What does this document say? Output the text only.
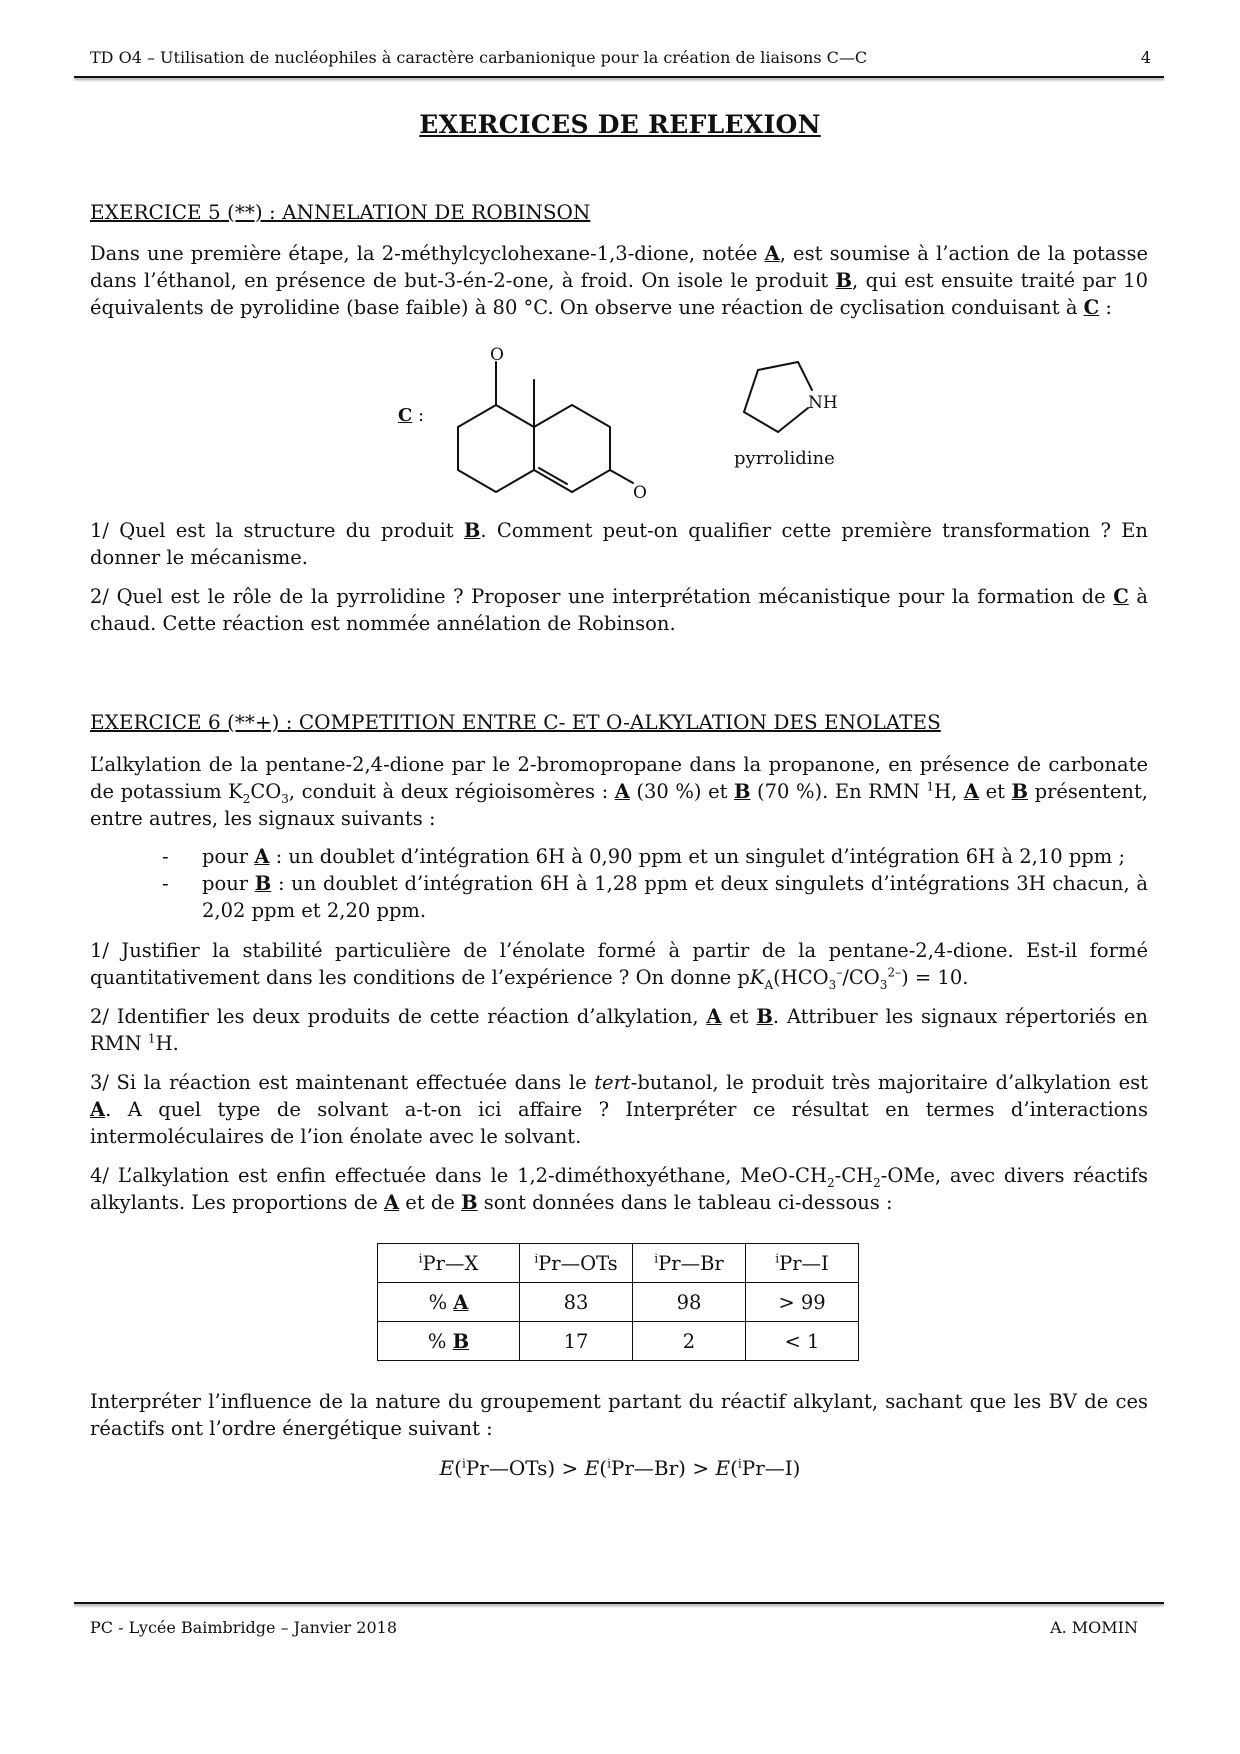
TD O4 – Utilisation de nucléophiles à caractère carbanionique pour la création de liaisons C—C	4
EXERCICES DE REFLEXION
EXERCICE 5 (**) : ANNELATION DE ROBINSON
Dans une première étape, la 2-méthylcyclohexane-1,3-dione, notée A, est soumise à l’action de la potasse dans l’éthanol, en présence de but-3-én-2-one, à froid. On isole le produit B, qui est ensuite traité par 10 équivalents de pyrolidine (base faible) à 80 °C. On observe une réaction de cyclisation conduisant à C :
C :
O
O
NH
pyrrolidine
1/ Quel est la structure du produit B. Comment peut-on qualifier cette première transformation ? En donner le mécanisme.
2/ Quel est le rôle de la pyrrolidine ? Proposer une interprétation mécanistique pour la formation de C à chaud. Cette réaction est nommée annélation de Robinson.
EXERCICE 6 (**+) : COMPETITION ENTRE C- ET O-ALKYLATION DES ENOLATES
L’alkylation de la pentane-2,4-dione par le 2-bromopropane dans la propanone, en présence de carbonate de potassium $K_2CO_3$, conduit à deux régioisomères : A (30 %) et B (70 %). En RMN $^1$H, A et B présentent, entre autres, les signaux suivants :
- pour A : un doublet d’intégration 6H à 0,90 ppm et un singulet d’intégration 6H à 2,10 ppm ;
- pour B : un doublet d’intégration 6H à 1,28 ppm et deux singulets d’intégrations 3H chacun, à 2,02 ppm et 2,20 ppm.
1/ Justifier la stabilité particulière de l’énolate formé à partir de la pentane-2,4-dione. Est-il formé quantitativement dans les conditions de l’expérience ? On donne $pK_A(HCO_3^-/CO_3^{2-}) = 10$.
2/ Identifier les deux produits de cette réaction d’alkylation, A et B. Attribuer les signaux répertoriés en RMN $^1$H.
3/ Si la réaction est maintenant effectuée dans le tert-butanol, le produit très majoritaire d’alkylation est A. A quel type de solvant a-t-on ici affaire ? Interpréter ce résultat en termes d’interactions intermoléculaires de l’ion énolate avec le solvant.
4/ L’alkylation est enfin effectuée dans le 1,2-diméthoxyéthane, MeO-$CH_2-CH_2$-OMe, avec divers réactifs alkylants. Les proportions de A et de B sont données dans le tableau ci-dessous :
$^i$Pr—X	$^i$Pr—OTs	$^i$Pr—Br	$^i$Pr—I
% A	83	98	> 99
% B	17	2	< 1
Interpréter l’influence de la nature du groupement partant du réactif alkylant, sachant que les BV de ces réactifs ont l’ordre énergétique suivant :
E($^i$Pr—OTs) > E($^i$Pr—Br) > E($^i$Pr—I)
PC - Lycée Baimbridge – Janvier 2018	A. MOMIN
